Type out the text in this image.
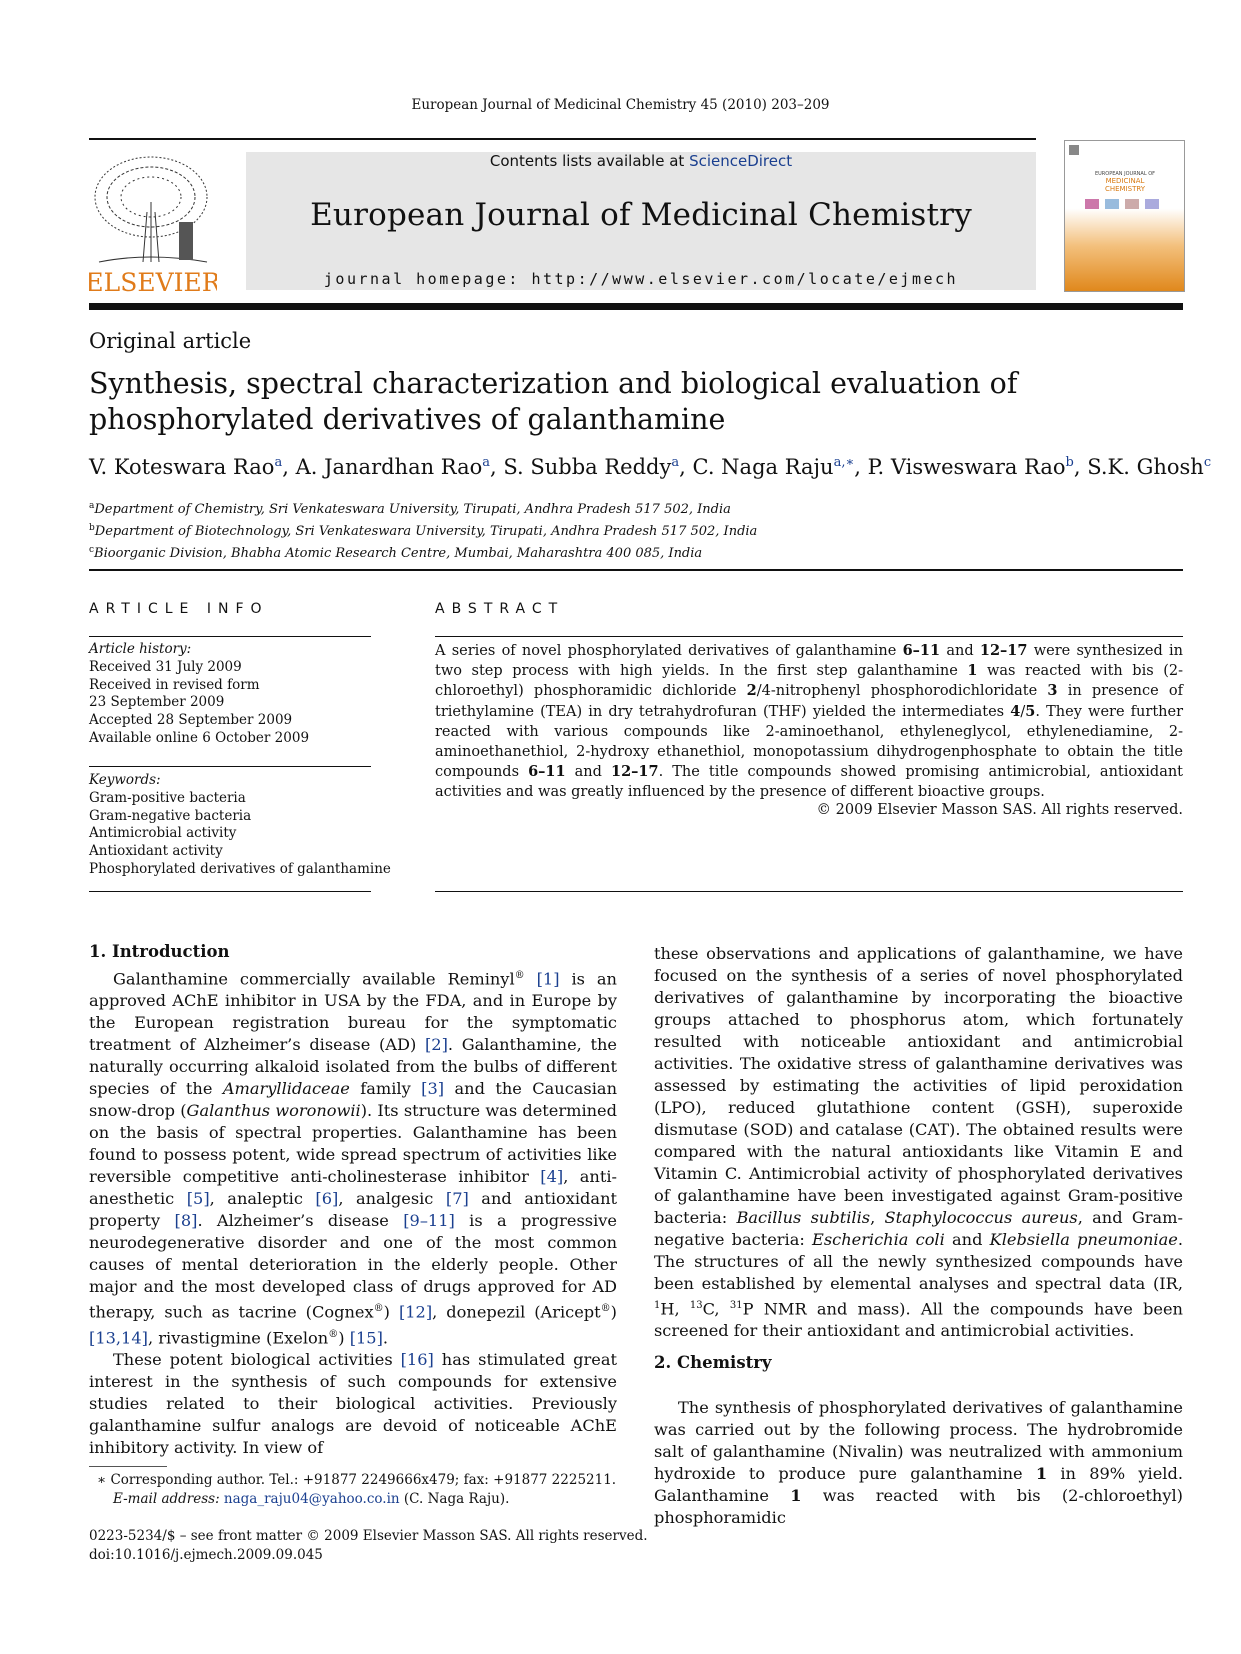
European Journal of Medicinal Chemistry 45 (2010) 203–209
ELSEVIER
Contents lists available at ScienceDirect
European Journal of Medicinal Chemistry
journal homepage: http://www.elsevier.com/locate/ejmech
EUROPEAN JOURNAL OF
MEDICINAL
CHEMISTRY
Original article
Synthesis, spectral characterization and biological evaluation of phosphorylated derivatives of galanthamine
V. Koteswara Rao$^a$, A. Janardhan Rao$^a$, S. Subba Reddy$^a$, C. Naga Raju$^{a,∗}$, P. Visweswara Rao$^b$, S.K. Ghosh$^c$
$^a$Department of Chemistry, Sri Venkateswara University, Tirupati, Andhra Pradesh 517 502, India
$^b$Department of Biotechnology, Sri Venkateswara University, Tirupati, Andhra Pradesh 517 502, India
$^c$Bioorganic Division, Bhabha Atomic Research Centre, Mumbai, Maharashtra 400 085, India
ARTICLE INFO	ABSTRACT
Article history:
Received 31 July 2009
Received in revised form
23 September 2009
Accepted 28 September 2009
Available online 6 October 2009
Keywords:
Gram-positive bacteria
Gram-negative bacteria
Antimicrobial activity
Antioxidant activity
Phosphorylated derivatives of galanthamine
A series of novel phosphorylated derivatives of galanthamine 6–11 and 12–17 were synthesized in two step process with high yields. In the first step galanthamine 1 was reacted with bis (2-chloroethyl) phosphoramidic dichloride 2/4-nitrophenyl phosphorodichloridate 3 in presence of triethylamine (TEA) in dry tetrahydrofuran (THF) yielded the intermediates 4/5. They were further reacted with various compounds like 2-aminoethanol, ethyleneglycol, ethylenediamine, 2-aminoethanethiol, 2-hydroxy ethanethiol, monopotassium dihydrogenphosphate to obtain the title compounds 6–11 and 12–17. The title compounds showed promising antimicrobial, antioxidant activities and was greatly influenced by the presence of different bioactive groups.
© 2009 Elsevier Masson SAS. All rights reserved.
1. Introduction

Galanthamine commercially available Reminyl® [1] is an approved AChE inhibitor in USA by the FDA, and in Europe by the European registration bureau for the symptomatic treatment of Alzheimer’s disease (AD) [2]. Galanthamine, the naturally occurring alkaloid isolated from the bulbs of different species of the Amaryllidaceae family [3] and the Caucasian snow-drop (Galanthus woronowii). Its structure was determined on the basis of spectral properties. Galanthamine has been found to possess potent, wide spread spectrum of activities like reversible competitive anti-cholinesterase inhibitor [4], anti-anesthetic [5], analeptic [6], analgesic [7] and antioxidant property [8]. Alzheimer’s disease [9–11] is a progressive neurodegenerative disorder and one of the most common causes of mental deterioration in the elderly people. Other major and the most developed class of drugs approved for AD therapy, such as tacrine (Cognex®) [12], donepezil (Aricept®) [13,14], rivastigmine (Exelon®) [15].

These potent biological activities [16] has stimulated great interest in the synthesis of such compounds for extensive studies related to their biological activities. Previously galanthamine sulfur analogs are devoid of noticeable AChE inhibitory activity. In view of

these observations and applications of galanthamine, we have focused on the synthesis of a series of novel phosphorylated derivatives of galanthamine by incorporating the bioactive groups attached to phosphorus atom, which fortunately resulted with noticeable antioxidant and antimicrobial activities. The oxidative stress of galanthamine derivatives was assessed by estimating the activities of lipid peroxidation (LPO), reduced glutathione content (GSH), superoxide dismutase (SOD) and catalase (CAT). The obtained results were compared with the natural antioxidants like Vitamin E and Vitamin C. Antimicrobial activity of phosphorylated derivatives of galanthamine have been investigated against Gram-positive bacteria: Bacillus subtilis, Staphylococcus aureus, and Gram-negative bacteria: Escherichia coli and Klebsiella pneumoniae. The structures of all the newly synthesized compounds have been established by elemental analyses and spectral data (IR, $^1$H, $^{13}$C, $^{31}$P NMR and mass). All the compounds have been screened for their antioxidant and antimicrobial activities.

2. Chemistry

The synthesis of phosphorylated derivatives of galanthamine was carried out by the following process. The hydrobromide salt of galanthamine (Nivalin) was neutralized with ammonium hydroxide to produce pure galanthamine 1 in 89% yield. Galanthamine 1 was reacted with bis (2-chloroethyl) phosphoramidic

∗ Corresponding author. Tel.: +91877 2249666x479; fax: +91877 2225211.
E-mail address: naga_raju04@yahoo.co.in (C. Naga Raju).
0223-5234/$ – see front matter © 2009 Elsevier Masson SAS. All rights reserved.
doi:10.1016/j.ejmech.2009.09.045
